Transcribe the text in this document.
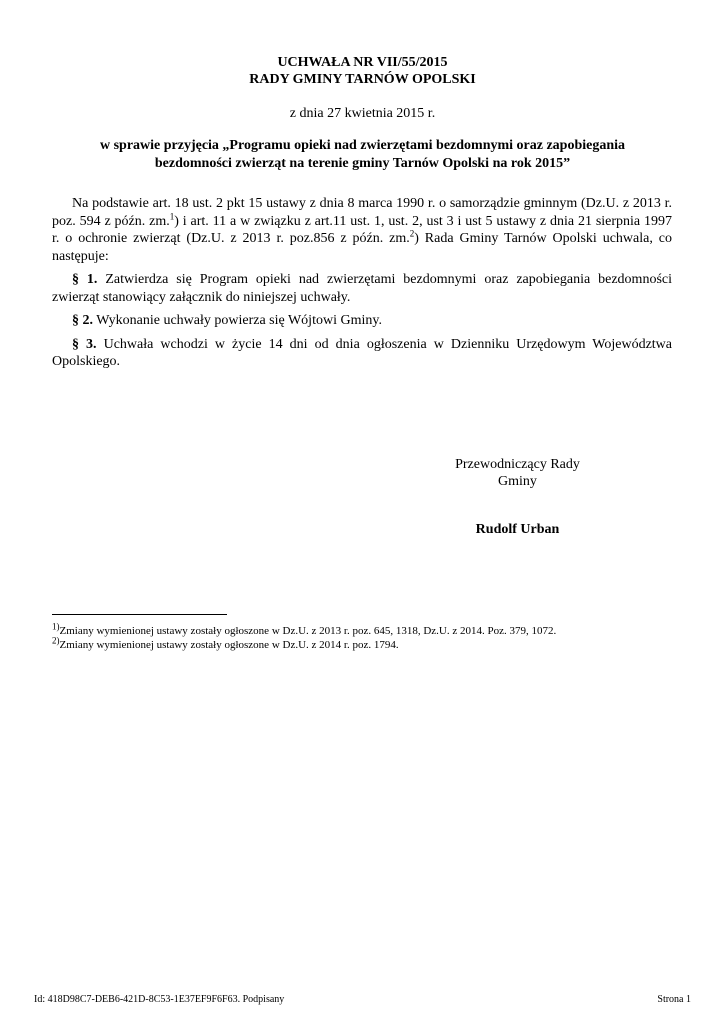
UCHWAŁA NR VII/55/2015
RADY GMINY TARNÓW OPOLSKI
z dnia 27 kwietnia 2015 r.
w sprawie przyjęcia „Programu opieki nad zwierzętami bezdomnymi oraz zapobiegania
bezdomności zwierząt na terenie gminy Tarnów Opolski na rok 2015”

Na podstawie art. 18 ust. 2 pkt 15 ustawy z dnia 8 marca 1990 r. o samorządzie gminnym (Dz.U. z 2013 r. poz. 594 z późn. zm.$^1$) i art. 11 a w związku z art.11 ust. 1, ust. 2, ust 3 i ust 5 ustawy z dnia 21 sierpnia 1997 r. o ochronie zwierząt (Dz.U. z 2013 r. poz.856 z późn. zm.$^2$) Rada Gminy Tarnów Opolski uchwala, co następuje:

§ 1. Zatwierdza się Program opieki nad zwierzętami bezdomnymi oraz zapobiegania bezdomności zwierząt stanowiący załącznik do niniejszej uchwały.

§ 2. Wykonanie uchwały powierza się Wójtowi Gminy.

§ 3. Uchwała wchodzi w życie 14 dni od dnia ogłoszenia w Dzienniku Urzędowym Województwa Opolskiego.

Przewodniczący Rady
Gminy
Rudolf Urban
$^{1)}$Zmiany wymienionej ustawy zostały ogłoszone w Dz.U. z 2013 r. poz. 645, 1318, Dz.U. z 2014. Poz. 379, 1072.
$^{2)}$Zmiany wymienionej ustawy zostały ogłoszone w Dz.U. z 2014 r. poz. 1794.
Id: 418D98C7-DEB6-421D-8C53-1E37EF9F6F63. Podpisany	Strona 1
